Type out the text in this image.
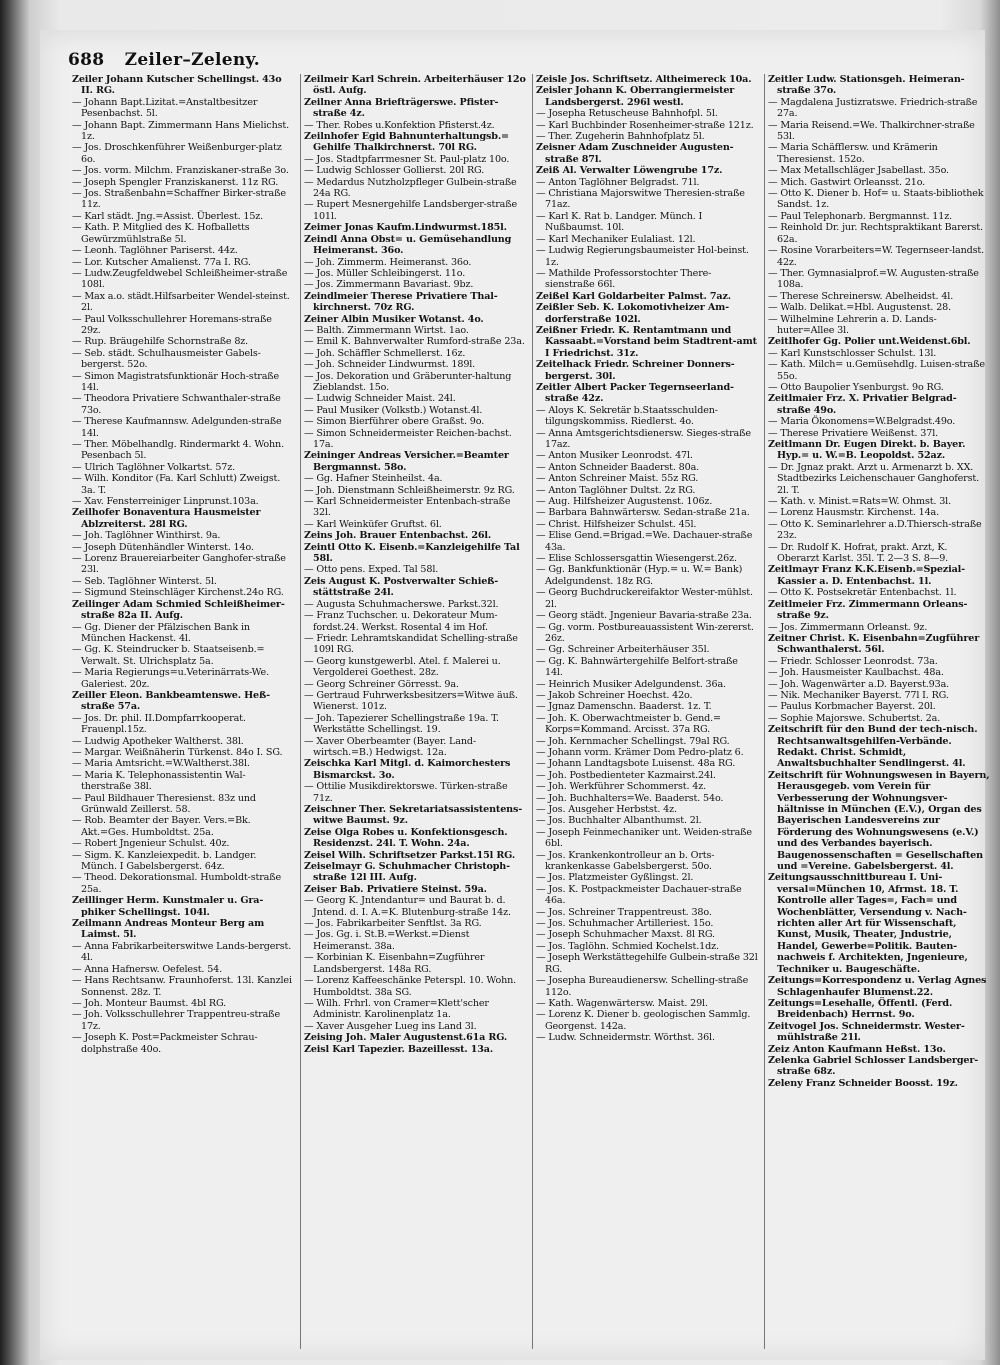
688 Zeiler–Zeleny.

Zeiler Johann Kutscher Schellingst. 43o II. RG.

— Johann Bapt.Lizitat.=Anstaltbesitzer Pesenbachst. 5l.

— Johann Bapt. Zimmermann Hans Mielichst. 1z.

— Jos. Droschkenführer Weißenburger-platz 6o.

— Jos. vorm. Milchm. Franziskaner-straße 3o.

— Joseph Spengler Franziskanerst. 11z RG.

— Jos. Straßenbahn=Schaffner Birker-straße 11z.

— Karl städt. Jng.=Assist. Überlest. 15z.

— Kath. P. Mitglied des K. Hofballetts Gewürzmühlstraße 5l.

— Leonh. Taglöhner Pariserst. 44z.

— Lor. Kutscher Amalienst. 77a I. RG.

— Ludw.Zeugfeldwebel Schleißheimer-straße 108l.

— Max a.o. städt.Hilfsarbeiter Wendel-steinst. 2l.

— Paul Volksschullehrer Horemans-straße 29z.

— Rup. Bräugehilfe Schornstraße 8z.

— Seb. städt. Schulhausmeister Gabels-bergerst. 52o.

— Simon Magistratsfunktionär Hoch-straße 14l.

— Theodora Privatiere Schwanthaler-straße 73o.

— Therese Kaufmannsw. Adelgunden-straße 14l.

— Ther. Möbelhandlg. Rindermarkt 4. Wohn. Pesenbach 5l.

— Ulrich Taglöhner Volkartst. 57z.

— Wilh. Konditor (Fa. Karl Schlutt) Zweigst. 3a. T.

— Xav. Fensterreiniger Linprunst.103a.

Zeilhofer Bonaventura Hausmeister Ablzreiterst. 28l RG.

— Joh. Taglöhner Winthirst. 9a.

— Joseph Dütenhändler Winterst. 14o.

— Lorenz Brauereiarbeiter Ganghofer-straße 23l.

— Seb. Taglöhner Winterst. 5l.

— Sigmund Steinschläger Kirchenst.24o RG.

Zeilinger Adam Schmied Schleißheimer-straße 82a II. Aufg.

— Gg. Diener der Pfälzischen Bank in München Hackenst. 4l.

— Gg. K. Steindrucker b. Staatseisenb.= Verwalt. St. Ulrichsplatz 5a.

— Maria Regierungs=u.Veterinärrats-We. Galeriest. 20z.

Zeiller Eleon. Bankbeamtenswe. Heß-straße 57a.

— Jos. Dr. phil. II.Dompfarrkooperat. Frauenpl.15z.

— Ludwig Apotheker Waltherst. 38l.

— Margar. Weißnäherin Türkenst. 84o I. SG.

— Maria Amtsricht.=W.Waltherst.38l.

— Maria K. Telephonassistentin Wal-therstraße 38l.

— Paul Bildhauer Theresienst. 83z und Grünwald Zeillerst. 58.

— Rob. Beamter der Bayer. Vers.=Bk. Akt.=Ges. Humboldtst. 25a.

— Robert Jngenieur Schulst. 40z.

— Sigm. K. Kanzleiexpedit. b. Landger. Münch. I Gabelsbergerst. 64z.

— Theod. Dekorationsmal. Humboldt-straße 25a.

Zeillinger Herm. Kunstmaler u. Gra-phiker Schellingst. 104l.

Zeilmann Andreas Monteur Berg am Laimst. 5l.

— Anna Fabrikarbeiterswitwe Lands-bergerst. 4l.

— Anna Hafnersw. Oefelest. 54.

— Hans Rechtsanw. Fraunhoferst. 13l. Kanzlei Sonnenst. 28z. T.

— Joh. Monteur Baumst. 4bl RG.

— Joh. Volksschullehrer Trappentreu-straße 17z.

— Joseph K. Post=Packmeister Schrau-dolphstraße 40o.

Zeilmeir Karl Schrein. Arbeiterhäuser 12o östl. Aufg.

Zeilner Anna Briefträgerswe. Pfister-straße 4z.

— Ther. Robes u.Konfektion Pfisterst.4z.

Zeilnhofer Egid Bahnunterhaltungsb.= Gehilfe Thalkirchnerst. 70l RG.

— Jos. Stadtpfarrmesner St. Paul-platz 10o.

— Ludwig Schlosser Gollierst. 20l RG.

— Medardus Nutzholzpfleger Gulbein-straße 24a RG.

— Rupert Mesnergehilfe Landsberger-straße 101l.

Zeimer Jonas Kaufm.Lindwurmst.185l.

Zeindl Anna Obst= u. Gemüsehandlung Heimeranst. 36o.

— Joh. Zimmerm. Heimeranst. 36o.

— Jos. Müller Schleibingerst. 11o.

— Jos. Zimmermann Bavariast. 9bz.

Zeindlmeier Therese Privatiere Thal-kirchnerst. 70z RG.

Zeiner Albin Musiker Wotanst. 4o.

— Balth. Zimmermann Wirtst. 1ao.

— Emil K. Bahnverwalter Rumford-straße 23a.

— Joh. Schäffler Schmellerst. 16z.

— Joh. Schneider Lindwurmst. 189l.

— Jos. Dekoration und Gräberunter-haltung Zieblandst. 15o.

— Ludwig Schneider Maist. 24l.

— Paul Musiker (Volkstb.) Wotanst.4l.

— Simon Bierführer obere Graßst. 9o.

— Simon Schneidermeister Reichen-bachst. 17a.

Zeininger Andreas Versicher.=Beamter Bergmannst. 58o.

— Gg. Hafner Steinheilst. 4a.

— Joh. Dienstmann Schleißheimerstr. 9z RG.

— Karl Schneidermeister Entenbach-straße 32l.

— Karl Weinküfer Gruftst. 6l.

Zeins Joh. Brauer Entenbachst. 26l.

Zeintl Otto K. Eisenb.=Kanzleigehilfe Tal 58l.

— Otto pens. Exped. Tal 58l.

Zeis August K. Postverwalter Schieß-stättstraße 24l.

— Augusta Schuhmacherswe. Parkst.32l.

— Franz Tuchscher. u. Dekorateur Mum-fordst.24. Werkst. Rosental 4 im Hof.

— Friedr. Lehramtskandidat Schelling-straße 109l RG.

— Georg kunstgewerbl. Atel. f. Malerei u. Vergolderei Goethest. 28z.

— Georg Schreiner Görresst. 9a.

— Gertraud Fuhrwerksbesitzers=Witwe äuß. Wienerst. 101z.

— Joh. Tapezierer Schellingstraße 19a. T. Werkstätte Schellingst. 19.

— Xaver Oberbeamter (Bayer. Land-wirtsch.=B.) Hedwigst. 12a.

Zeischka Karl Mitgl. d. Kaimorchesters Bismarckst. 3o.

— Ottilie Musikdirektorswe. Türken-straße 71z.

Zeischner Ther. Sekretariatsassistentens-witwe Baumst. 9z.

Zeise Olga Robes u. Konfektionsgesch. Residenzst. 24l. T. Wohn. 24a.

Zeisel Wilh. Schriftsetzer Parkst.15l RG.

Zeiselmayr G. Schuhmacher Christoph-straße 12l III. Aufg.

Zeiser Bab. Privatiere Steinst. 59a.

— Georg K. Jntendantur= und Baurat b. d. Jntend. d. I. A.=K. Blutenburg-straße 14z.

— Jos. Fabrikarbeiter Senftlst. 3a RG.

— Jos. Gg. i. St.B.=Werkst.=Dienst Heimeranst. 38a.

— Korbinian K. Eisenbahn=Zugführer Landsbergerst. 148a RG.

— Lorenz Kaffeeschänke Peterspl. 10. Wohn. Humboldtst. 38a SG.

— Wilh. Frhrl. von Cramer=Klett'scher Administr. Karolinenplatz 1a.

— Xaver Ausgeher Lueg ins Land 3l.

Zeising Joh. Maler Augustenst.61a RG.

Zeisl Karl Tapezier. Bazeillesst. 13a.

Zeisle Jos. Schriftsetz. Altheimereck 10a.

Zeisler Johann K. Oberrangiermeister Landsbergerst. 296l westl.

— Josepha Retuscheuse Bahnhofpl. 5l.

— Karl Buchbinder Rosenheimer-straße 121z.

— Ther. Zugeherin Bahnhofplatz 5l.

Zeisner Adam Zuschneider Augusten-straße 87l.

Zeiß Al. Verwalter Löwengrube 17z.

— Anton Taglöhner Belgradst. 71l.

— Christiana Majorswitwe Theresien-straße 71az.

— Karl K. Rat b. Landger. Münch. I Nußbaumst. 10l.

— Karl Mechaniker Eulaliast. 12l.

— Ludwig Regierungsbaumeister Hol-beinst. 1z.

— Mathilde Professorstochter There-sienstraße 66l.

Zeißel Karl Goldarbeiter Palmst. 7az.

Zeißler Seb. K. Lokomotivheizer Am-dorferstraße 102l.

Zeißner Friedr. K. Rentamtmann und Kassaabt.=Vorstand beim Stadtrent-amt I Friedrichst. 31z.

Zeitelhack Friedr. Schreiner Donners-bergerst. 30l.

Zeitler Albert Packer Tegernseerland-straße 42z.

— Aloys K. Sekretär b.Staatsschulden-tilgungskommiss. Riedlerst. 4o.

— Anna Amtsgerichtsdienersw. Sieges-straße 17az.

— Anton Musiker Leonrodst. 47l.

— Anton Schneider Baaderst. 80a.

— Anton Schreiner Maist. 55z RG.

— Anton Taglöhner Dultst. 2z RG.

— Aug. Hilfsheizer Augustenst. 106z.

— Barbara Bahnwärtersw. Sedan-straße 21a.

— Christ. Hilfsheizer Schulst. 45l.

— Elise Gend.=Brigad.=We. Dachauer-straße 43a.

— Elise Schlossersgattin Wiesengerst.26z.

— Gg. Bankfunktionär (Hyp.= u. W.= Bank) Adelgundenst. 18z RG.

— Georg Buchdruckereifaktor Wester-mühlst. 2l.

— Georg städt. Jngenieur Bavaria-straße 23a.

— Gg. vorm. Postbureauassistent Win-zererst. 26z.

— Gg. Schreiner Arbeiterhäuser 35l.

— Gg. K. Bahnwärtergehilfe Belfort-straße 14l.

— Heinrich Musiker Adelgundenst. 36a.

— Jakob Schreiner Hoechst. 42o.

— Jgnaz Damenschn. Baaderst. 1z. T.

— Joh. K. Oberwachtmeister b. Gend.= Korps=Kommand. Arcisst. 37a RG.

— Joh. Kernmacher Schellingst. 79al RG.

— Johann vorm. Krämer Dom Pedro-platz 6.

— Johann Landtagsbote Luisenst. 48a RG.

— Joh. Postbedienteter Kazmairst.24l.

— Joh. Werkführer Schommerst. 4z.

— Joh. Buchhalters=We. Baaderst. 54o.

— Jos. Ausgeher Herbstst. 4z.

— Jos. Buchhalter Albanthumst. 2l.

— Joseph Feinmechaniker unt. Weiden-straße 6bl.

— Jos. Krankenkontrolleur an b. Orts-krankenkasse Gabelsbergerst. 50o.

— Jos. Platzmeister Gyßlingst. 2l.

— Jos. K. Postpackmeister Dachauer-straße 46a.

— Jos. Schreiner Trappentreust. 38o.

— Jos. Schuhmacher Artilleriest. 15o.

— Joseph Schuhmacher Maxst. 8l RG.

— Jos. Taglöhn. Schmied Kochelst.1dz.

— Joseph Werkstättegehilfe Gulbein-straße 32l RG.

— Josepha Bureaudienersw. Schelling-straße 112o.

— Kath. Wagenwärtersw. Maist. 29l.

— Lorenz K. Diener b. geologischen Sammlg. Georgenst. 142a.

— Ludw. Schneidermstr. Wörthst. 36l.

Zeitler Ludw. Stationsgeh. Heimeran-straße 37o.

— Magdalena Justizratswe. Friedrich-straße 27a.

— Maria Reisend.=We. Thalkirchner-straße 53l.

— Maria Schäfflersw. und Krämerin Theresienst. 152o.

— Max Metallschläger Jsabellast. 35o.

— Mich. Gastwirt Orleansst. 21o.

— Otto K. Diener b. Hof= u. Staats-bibliothek Sandst. 1z.

— Paul Telephonarb. Bergmannst. 11z.

— Reinhold Dr. jur. Rechtspraktikant Barerst. 62a.

— Rosine Vorarbeiters=W. Tegernseer-landst. 42z.

— Ther. Gymnasialprof.=W. Augusten-straße 108a.

— Therese Schreinersw. Abelheidst. 4l.

— Walb. Delikat.=Hbl. Augustenst. 28.

— Wilhelmine Lehrerin a. D. Lands-huter=Allee 3l.

Zeitlhofer Gg. Polier unt.Weidenst.6bl.

— Karl Kunstschlosser Schulst. 13l.

— Kath. Milch= u.Gemüsehdlg. Luisen-straße 55o.

— Otto Baupolier Ysenburgst. 9o RG.

Zeitlmaier Frz. X. Privatier Belgrad-straße 49o.

— Maria Ökonomens=W.Belgradst.49o.

— Therese Privatiere Weißenst. 37l.

Zeitlmann Dr. Eugen Direkt. b. Bayer. Hyp.= u. W.=B. Leopoldst. 52az.

— Dr. Jgnaz prakt. Arzt u. Armenarzt b. XX. Stadtbezirks Leichenschauer Ganghoferst. 2l. T.

— Kath. v. Minist.=Rats=W. Ohmst. 3l.

— Lorenz Hausmstr. Kirchenst. 14a.

— Otto K. Seminarlehrer a.D.Thiersch-straße 23z.

— Dr. Rudolf K. Hofrat, prakt. Arzt, K. Oberarzt Karlst. 35l. T. 2—3 S. 8—9.

Zeitlmayr Franz K.K.Eisenb.=Spezial-Kassier a. D. Entenbachst. 1l.

— Otto K. Postsekretär Entenbachst. 1l.

Zeitlmeier Frz. Zimmermann Orleans-straße 9z.

— Jos. Zimmermann Orleanst. 9z.

Zeitner Christ. K. Eisenbahn=Zugführer Schwanthalerst. 56l.

— Friedr. Schlosser Leonrodst. 73a.

— Joh. Hausmeister Kaulbachst. 48a.

— Joh. Wagenwärter a.D. Bayerst.93a.

— Nik. Mechaniker Bayerst. 77l I. RG.

— Paulus Korbmacher Bayerst. 20l.

— Sophie Majorswe. Schubertst. 2a.

Zeitschrift für den Bund der tech-nisch. Rechtsanwaltsgehilfen-Verbände. Redakt. Christ. Schmidt, Anwaltsbuchhalter Sendlingerst. 4l.

Zeitschrift für Wohnungswesen in Bayern, Herausgegeb. vom Verein für Verbesserung der Wohnungsver-hältnisse in München (E.V.), Organ des Bayerischen Landesvereins zur Förderung des Wohnungswesens (e.V.) und des Verbandes bayerisch. Baugenossenschaften = Gesellschaften und =Vereine. Gabelsbergerst. 4l.

Zeitungsausschnittbureau I. Uni-versal=München 10, Afrmst. 18. T. Kontrolle aller Tages=, Fach= und Wochenblätter, Versendung v. Nach-richten aller Art für Wissenschaft, Kunst, Musik, Theater, Jndustrie, Handel, Gewerbe=Politik. Bauten-nachweis f. Architekten, Jngenieure, Techniker u. Baugeschäfte.

Zeitungs=Korrespondenz u. Verlag Agnes Schlagenhaufer Blumenst.22.

Zeitungs=Lesehalle, Öffentl. (Ferd. Breidenbach) Herrnst. 9o.

Zeitvogel Jos. Schneidermstr. Wester-mühlstraße 21l.

Zeiz Anton Kaufmann Heßst. 13o.

Zelenka Gabriel Schlosser Landsberger-straße 68z.

Zeleny Franz Schneider Boosst. 19z.
